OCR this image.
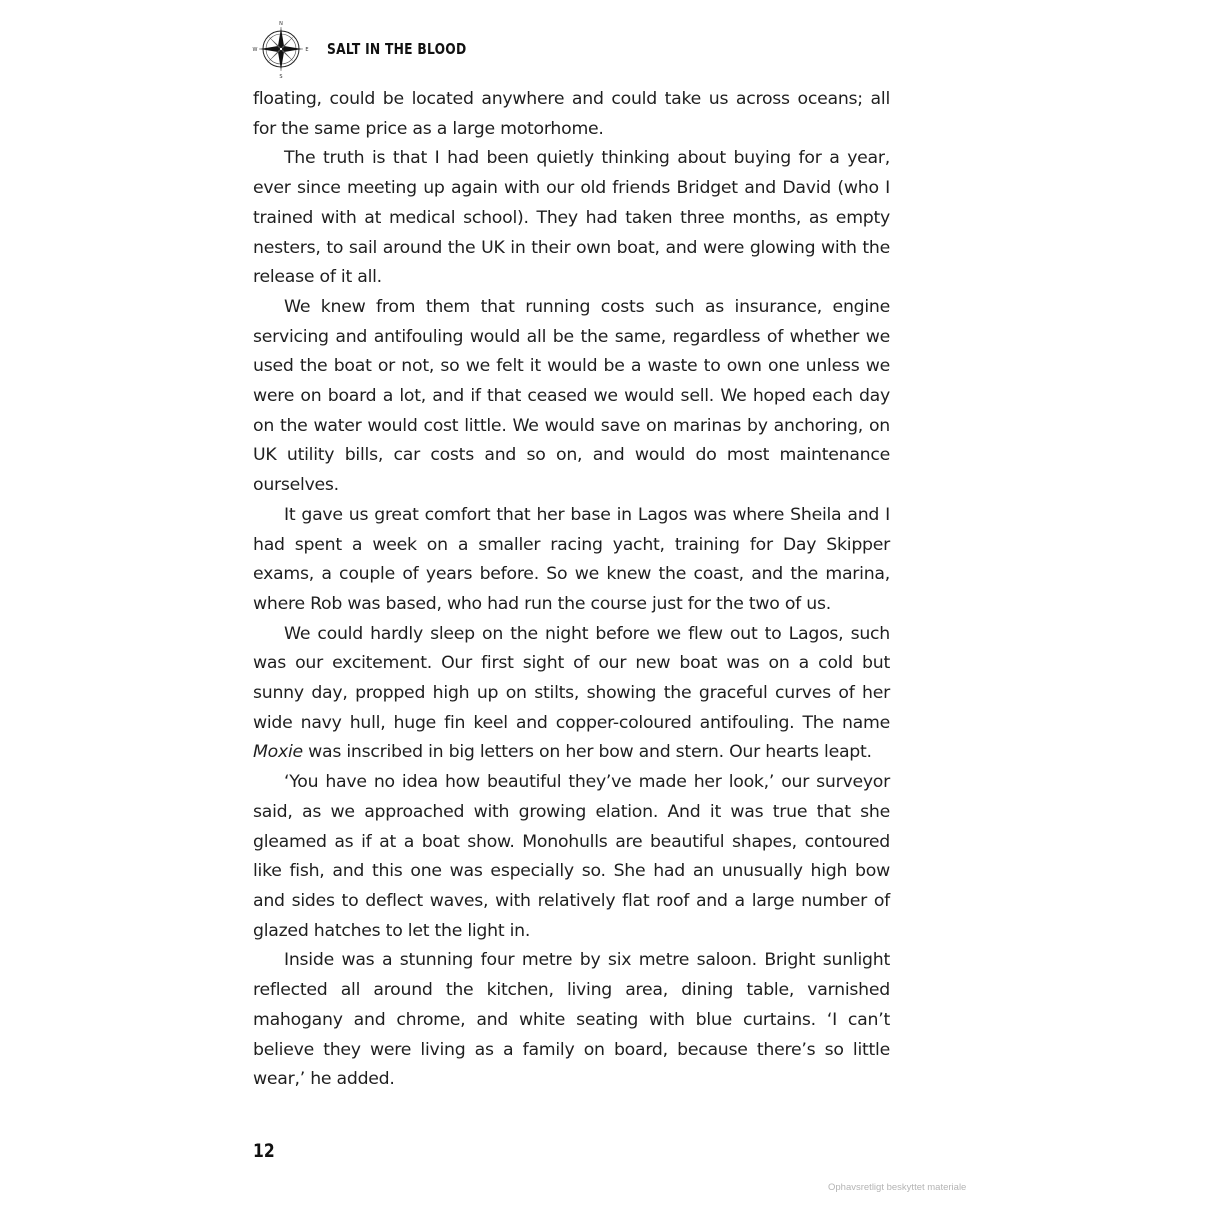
N
W	E
S
SALT IN THE BLOOD

floating, could be located anywhere and could take us across oceans; all for the same price as a large motorhome.

The truth is that I had been quietly thinking about buying for a year, ever since meeting up again with our old friends Bridget and David (who I trained with at medical school). They had taken three months, as empty nesters, to sail around the UK in their own boat, and were glowing with the release of it all.

We knew from them that running costs such as insurance, engine servicing and antifouling would all be the same, regardless of whether we used the boat or not, so we felt it would be a waste to own one unless we were on board a lot, and if that ceased we would sell. We hoped each day on the water would cost little. We would save on marinas by anchoring, on UK utility bills, car costs and so on, and would do most maintenance ourselves.

It gave us great comfort that her base in Lagos was where Sheila and I had spent a week on a smaller racing yacht, training for Day Skipper exams, a couple of years before. So we knew the coast, and the marina, where Rob was based, who had run the course just for the two of us.

We could hardly sleep on the night before we flew out to Lagos, such was our excitement. Our first sight of our new boat was on a cold but sunny day, propped high up on stilts, showing the graceful curves of her wide navy hull, huge fin keel and copper-coloured antifouling. The name Moxie was inscribed in big letters on her bow and stern. Our hearts leapt.

‘You have no idea how beautiful they’ve made her look,’ our surveyor said, as we approached with growing elation. And it was true that she gleamed as if at a boat show. Monohulls are beautiful shapes, contoured like fish, and this one was especially so. She had an unusually high bow and sides to deflect waves, with relatively flat roof and a large number of glazed hatches to let the light in.

Inside was a stunning four metre by six metre saloon. Bright sunlight reflected all around the kitchen, living area, dining table, varnished mahogany and chrome, and white seating with blue curtains. ‘I can’t believe they were living as a family on board, because there’s so little wear,’ he added.

12
Ophavsretligt beskyttet materiale
